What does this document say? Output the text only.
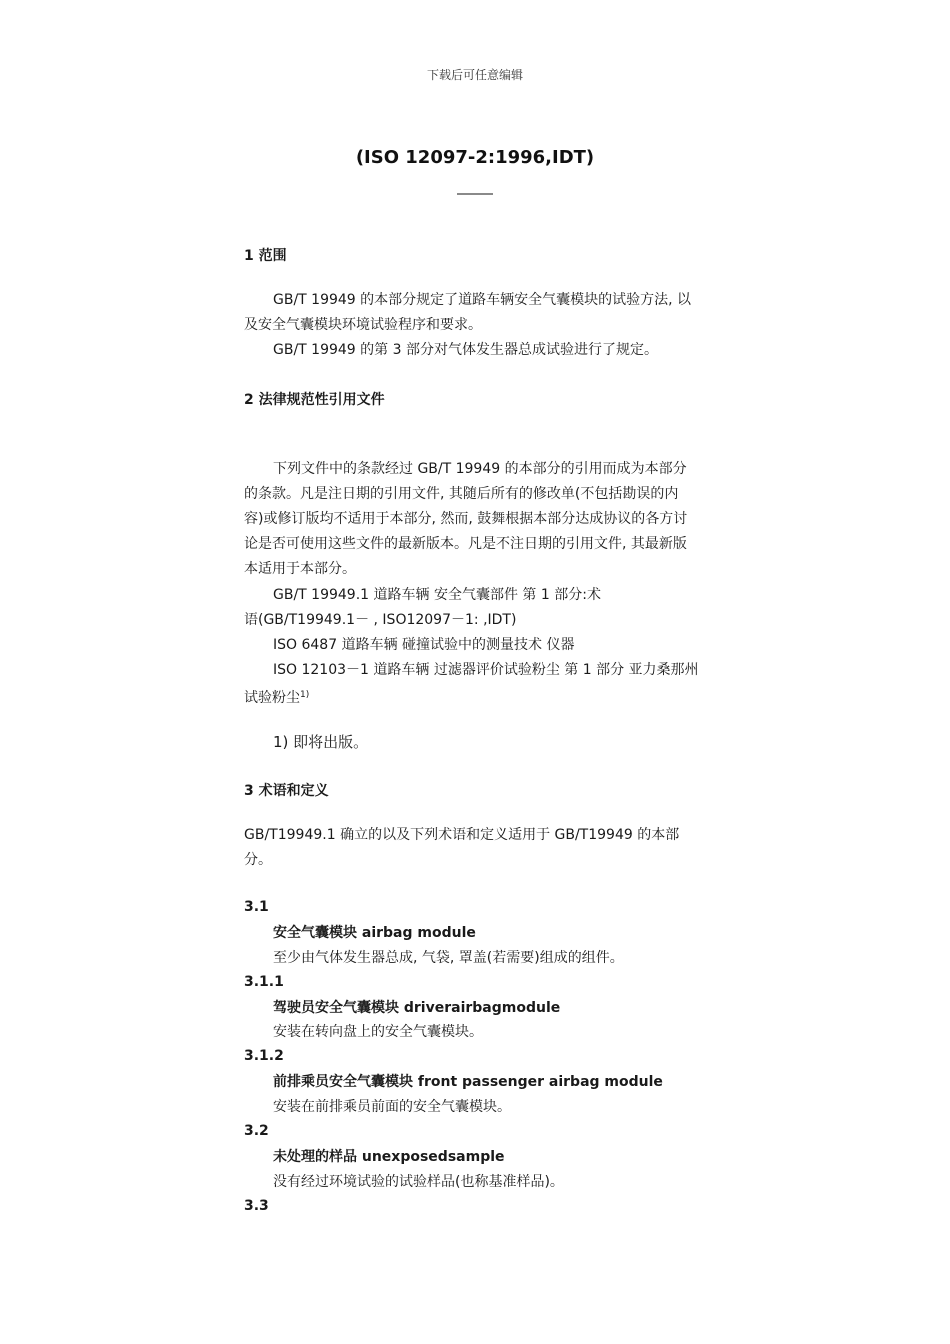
下载后可任意编辑
(ISO 12097-2:1996,IDT)
1 范围
GB/T 19949 的本部分规定了道路车辆安全气囊模块的试验方法, 以
及安全气囊模块环境试验程序和要求。
GB/T 19949 的第 3 部分对气体发生器总成试验进行了规定。
2 法律规范性引用文件
下列文件中的条款经过 GB/T 19949 的本部分的引用而成为本部分
的条款。凡是注日期的引用文件, 其随后所有的修改单(不包括勘误的内
容)或修订版均不适用于本部分, 然而, 鼓舞根据本部分达成协议的各方讨
论是否可使用这些文件的最新版本。凡是不注日期的引用文件, 其最新版
本适用于本部分。
GB/T 19949.1 道路车辆 安全气囊部件 第 1 部分:术
语(GB/T19949.1－ , ISO12097－1: ,IDT)
ISO 6487 道路车辆 碰撞试验中的测量技术 仪器
ISO 12103－1 道路车辆 过滤器评价试验粉尘 第 1 部分 亚力桑那州
试验粉尘$^{1)}$
1) 即将出版。
3 术语和定义
GB/T19949.1 确立的以及下列术语和定义适用于 GB/T19949 的本部
分。
3.1
安全气囊模块 airbag module
至少由气体发生器总成, 气袋, 罩盖(若需要)组成的组件。
3.1.1
驾驶员安全气囊模块 driverairbagmodule
安装在转向盘上的安全气囊模块。
3.1.2
前排乘员安全气囊模块 front passenger airbag module
安装在前排乘员前面的安全气囊模块。
3.2
未处理的样品 unexposedsample
没有经过环境试验的试验样品(也称基准样品)。
3.3
